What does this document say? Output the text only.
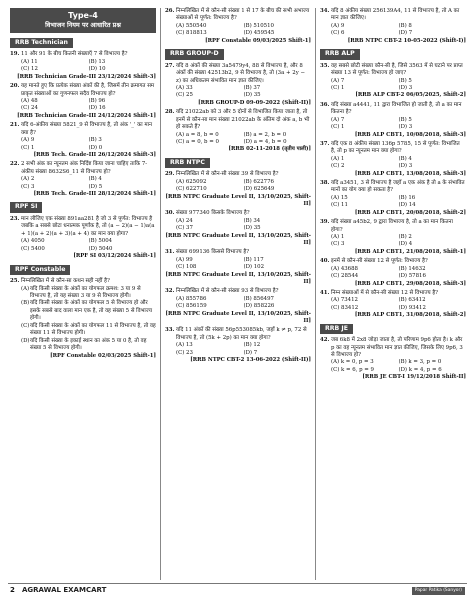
Type-4
विभाजन नियम पर आधारित प्रश्न
RRB Technician
19. 11 और 91 के बीच कितनी संख्याएँ 7 से विभाज्य है?
(A) 11	(B) 13
(C) 12	(D) 10
[RRB Technician Grade-III 23/12/2024 Shift-3]
20. यह मानते हुए कि प्रत्येक संख्या अंकों की है, जिसमें तीन क्रमागत सम प्राकृत संख्याओं का गुणनफल सदैव विभाज्य हो?
(A) 48	(B) 96
(C) 24	(D) 16
[RRB Technician Grade-III 24/12/2024 Shift-1]
21. यदि 6-अंकीय संख्या 5821_9 से विभाज्य है, तो अंक '_' का मान क्या है?
(A) 9	(B) 3
(C) 1	(D) 0
[RRB Tech. Grade-III 26/12/2024 Shift-3]
22. 2 सभी अंक का न्यूनतम अंक निर्दिष्ट किया जाना चाहिए ताकि 7-अंकीय संख्या 8632S6_11 से विभाज्य हो?
(A) 2	(B) 4
(C) 3	(D) 5
[RRB Tech. Grade-III 28/12/2024 Shift-1]
RPF SI
23. मान लीजिए एक संख्या 891aa281 है जो 3 से पूर्णत: विभाज्य है जबकि a सबसे छोटा धनात्मक पूर्णांक है, तो (a − 2)(a − 1)a(a + 1)(a + 2)(a + 3)(a + 4) का मान क्या होगा?
(A) 4050	(B) 5004
(C) 5400	(D) 5040
[RPF SI 03/12/2024 Shift-1]
RPF Constable
25. निम्नलिखित में से कौन-सा कथन सही नहीं है?
(A) यदि किसी संख्या के अंकों का योगफल क्रमश: 3 या 9 से विभाज्य है, तो यह संख्या 3 या 9 से विभाज्य होगी।
(B) यदि किसी संख्या के अंकों का योगफल 5 से विभाज्य हो और इसके सबसे बाद वाला मान एक है, तो वह संख्या 5 से विभाज्य होगी।
(C) यदि किसी संख्या के अंकों का योगफल 11 से विभाज्य है, तो वह संख्या 11 से विभाज्य होगी।
(D) यदि किसी संख्या के इकाई स्थान का अंक 5 या 0 है, तो वह संख्या 5 से विभाज्य होगी।
[RPF Constable 02/03/2025 Shift-1]
26. निम्नलिखित में से कौन-सी संख्या 1 से 17 के बीच की सभी अभाज्य संख्याओं से पूर्णत: विभाज्य है?
(A) 550540	(B) 510510
(C) 818813	(D) 459545
[RPF Constable 09/03/2025 Shift-1]
RRB GROUP-D
27. यदि 8 अंकों की संख्या 3a5479y4, 88 से विभाज्य है, और 8 अंकों की संख्या 42513b2, 9 से विभाज्य है, तो (3a + 2y − z) का अधिकतम संभावित मान ज्ञात कीजिए।
(A) 33	(B) 37
(C) 25	(D) 35
[RRB GROUP-D 09-09-2022 (Shift-II)]
28. यदि 21022ab को 3 और 5 दोनों से विभाजित किया जाता है, तो इनमें से कौन-सा मान संख्या 21022ab के अंतिम दो अंक a, b भी हो सकते हैं?
(A) a = 8, b = 0	(B) a = 2, b = 0
(C) a = 0, b = 0	(D) a = 4, b = 0
[RRB 02-11-2018 (तृतीय पाली)]
RRB NTPC
29. निम्नलिखित में से कौन-सी संख्या 39 से विभाज्य है?
(A) 625092	(B) 622776
(C) 622710	(D) 625649
[RRB NTPC Graduate Level II, 13/10/2025, Shift-II]
30. संख्या 977340 किसके विभाज्य है?
(A) 24	(B) 34
(C) 37	(D) 35
[RRB NTPC Graduate Level II, 13/10/2025, Shift-II]
31. संख्या 699136 किससे विभाज्य है?
(A) 99	(B) 117
(C) 108	(D) 102
[RRB NTPC Graduate Level II, 13/10/2025, Shift-II]
32. निम्नलिखित में से कौन-सी संख्या 93 से विभाज्य है?
(A) 855786	(B) 856497
(C) 856159	(D) 858226
[RRB NTPC Graduate Level II, 13/10/2025, Shift-II]
33. यदि 11 अंकों की संख्या 56p553085kb, जहाँ k ≠ p, 72 से विभाज्य है, तो (5k + 2p) का मान क्या होगा?
(A) 13	(B) 12
(C) 23	(D) 7
[RRB NTPC CBT-2 13-06-2022 (Shift-II)]
34. यदि 8 अंकीय संख्या 256139A4, 11 से विभाज्य है, तो A का मान ज्ञात कीजिए।
(A) 9	(B) 8
(C) 6	(D) 7
[RRB NTPC CBT-2 10-05-2022 (Shift-I)]
RRB ALP
35. वह सबसे छोटी संख्या कौन-सी है, जिसे 3563 में से घटाने पर प्राप्त संख्या 13 से पूर्णत: विभाज्य हो जाए?
(A) 7	(B) 5
(C) 1	(D) 3
[RRB ALP CBT-2 06/05/2025, Shift-2]
36. यदि संख्या a4441, 11 द्वारा विभाजित हो जाती है, तो a का मान कितना है?
(A) 7	(B) 5
(C) 1	(D) 3
[RRB ALP CBT1, 10/08/2018, Shift-3]
37. यदि एक 8 अंकीय संख्या 136p 5785, 15 से पूर्णत: विभाजित है, तो p का न्यूनतम मान क्या होगा?
(A) 1	(B) 4
(C) 2	(D) 3
[RRB ALP CBT1, 13/08/2018, Shift-3]
38. यदि a3451, 3 से विभाज्य है जहाँ a एक अंक है तो a के संभावित मानों का योग क्या हो सकता है?
(A) 15	(B) 16
(C) 11	(D) 14
[RRB ALP CBT1, 20/08/2018, Shift-2]
39. यदि संख्या a45b2, 9 द्वारा विभाज्य है, तो a का मान कितना होगा?
(A) 1	(B) 2
(C) 3	(D) 4
[RRB ALP CBT1, 21/08/2018, Shift-1]
40. इनमें से कौन-सी संख्या 12 से पूर्णत: विभाज्य है?
(A) 43688	(B) 14632
(C) 28544	(D) 57816
[RRB ALP CBT1, 29/08/2018, Shift-3]
41. निम्न संख्याओं में से कौन-सी संख्या 12 से विभाज्य है?
(A) 73412	(B) 63412
(C) 83412	(D) 93412
[RRB ALP CBT1, 31/08/2018, Shift-2]
RRB JE
42. जब 6k8 में 2x8 जोड़ा जाता है, तो परिणाम 9p6 होता है। k और p का वह न्यूनतम संभावित मान ज्ञात कीजिए, जिसके लिए 9p6, 3 से विभाज्य हो?
(A) k = 0, p = 3	(B) k = 3, p = 0
(C) k = 6, p = 9	(D) k = 4, p = 6
[RRB JE CBT-I 19/12/2018 Shift-II]
2 AGRAWAL EXAMCART	Papar Patika (Sanyor)
